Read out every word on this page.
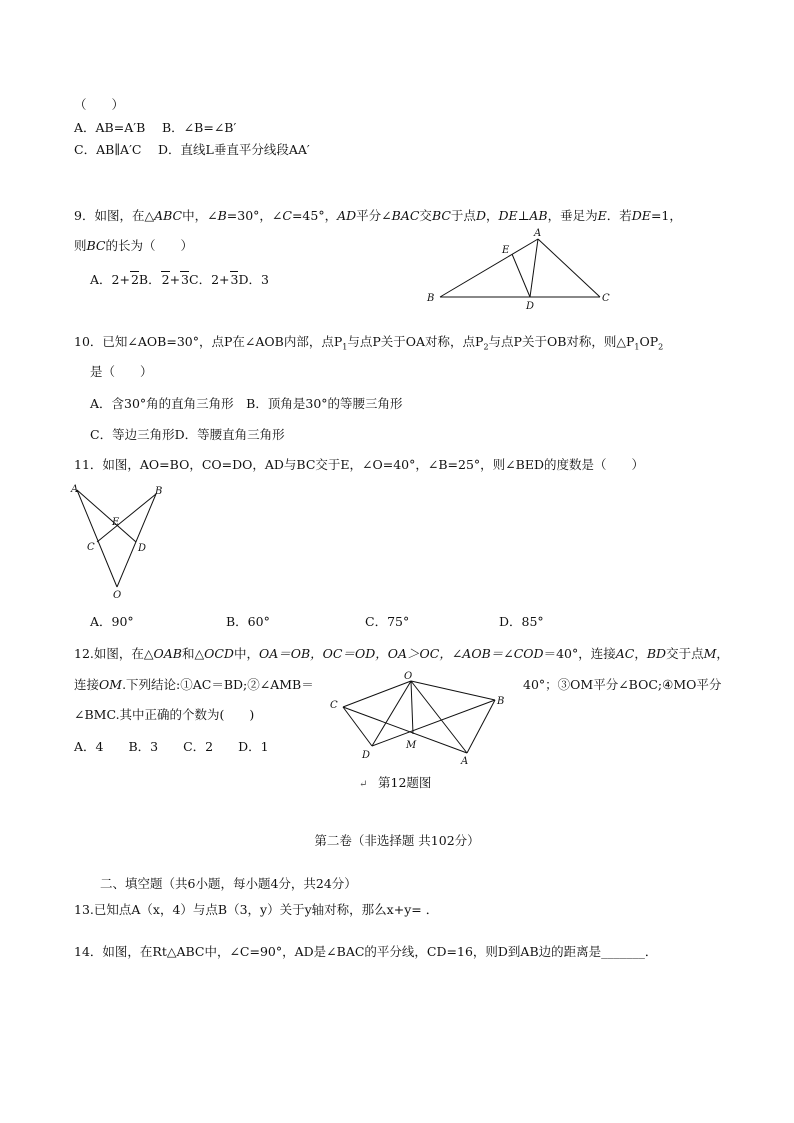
（　　）
A．AB=A′B B．∠B=∠B′
C．AB∥A′C D．直线L垂直平分线段AA′
9．如图，在△ABC中，∠B=30°，∠C=45°，AD平分∠BAC交BC于点D，DE⊥AB，垂足为E．若DE=1，
则BC的长为（　　）
A．2+2B．2+3C．2+3D．3
A
E
B
D
C
10．已知∠AOB=30°，点P在∠AOB内部，点$P_1$与点P关于OA对称，点$P_2$与点P关于OB对称，则$\triangle P_1OP_2$
是（　　）
A．含30°角的直角三角形　B．顶角是30°的等腰三角形
C．等边三角形D．等腰直角三角形
11．如图，AO=BO，CO=DO，AD与BC交于E，∠O=40°，∠B=25°，则∠BED的度数是（　　）
A	B
E
C	D
O
A．90°	B．60°	C．75°	D．85°
12.如图，在△OAB和△OCD中，OA＝OB，OC＝OD，OA＞OC，∠AOB＝∠COD＝40°，连接AC，BD交于点M，
连接OM.下列结论:①AC＝BD;②∠AMB＝	40°；③OM平分∠BOC;④MO平分
∠BMC.其中正确的个数为(　　)
A．4　　B．3　　C．2　　D．1
O
C	B
M
D
A
↵ 第12题图
第二卷（非选择题 共102分）
二、填空题（共6小题，每小题4分，共24分）
13.已知点A（x，4）与点B（3，y）关于y轴对称，那么x+y= ．
14．如图，在Rt△ABC中，∠C=90°，AD是∠BAC的平分线，CD=16，则D到AB边的距离是_______．
